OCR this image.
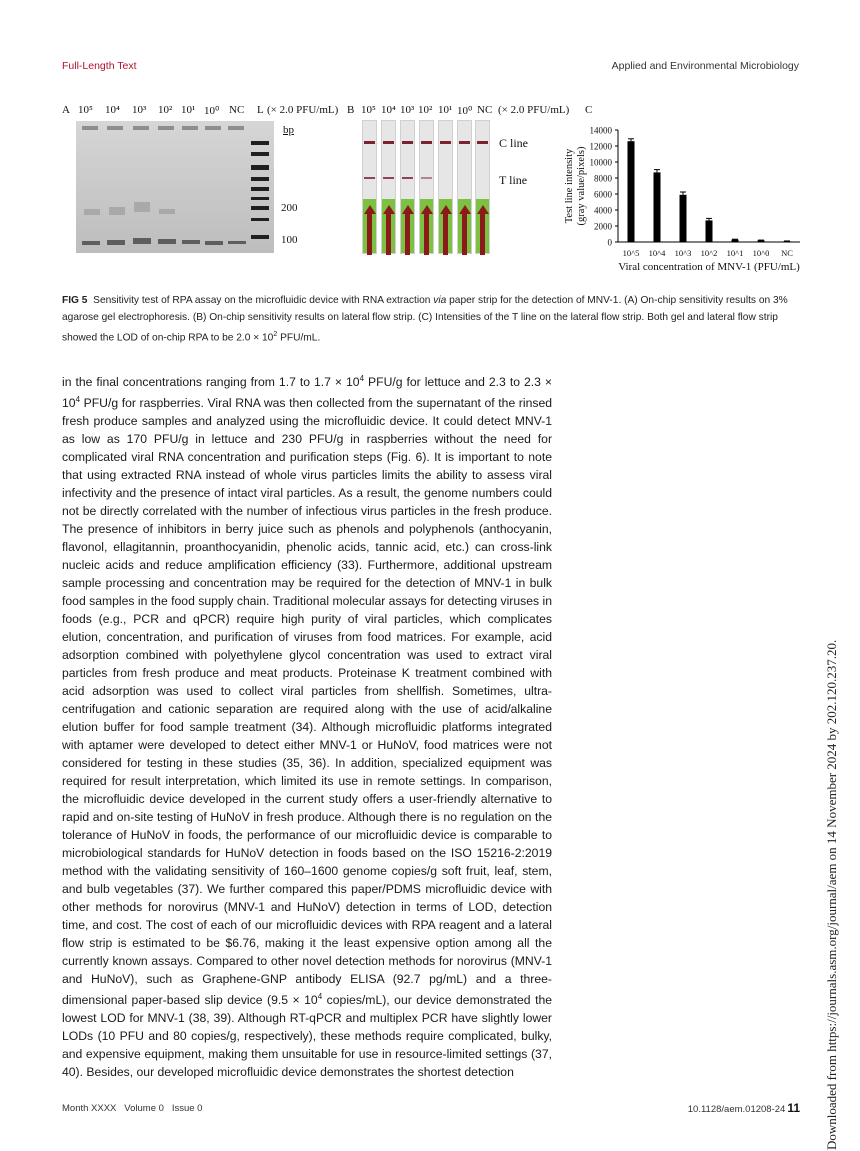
Full-Length Text	Applied and Environmental Microbiology
A 10⁵ 10⁴ 10³ 10² 10¹ 10⁰ NC L (× 2.0 PFU/mL)
bp
200
100
B 10⁵ 10⁴ 10³ 10² 10¹ 10⁰ NC (× 2.0 PFU/mL)
C line
T line
C
0
2000
4000
6000
8000
10000
12000
14000
10^5 10^4 10^3 10^2 10^1 10^0 NC
Viral concentration of MNV-1 (PFU/mL)
Test line intensity (gray value/pixels)
FIG 5 Sensitivity test of RPA assay on the microfluidic device with RNA extraction via paper strip for the detection of MNV-1. (A) On-chip sensitivity results on 3% agarose gel electrophoresis. (B) On-chip sensitivity results on lateral flow strip. (C) Intensities of the T line on the lateral flow strip. Both gel and lateral flow strip showed the LOD of on-chip RPA to be $2.0 \times 10^2$ PFU/mL.
in the final concentrations ranging from 1.7 to $1.7 \times 10^4$ PFU/g for lettuce and 2.3 to $2.3 \times 10^4$ PFU/g for raspberries. Viral RNA was then collected from the supernatant of the rinsed fresh produce samples and analyzed using the microfluidic device. It could detect MNV-1 as low as 170 PFU/g in lettuce and 230 PFU/g in raspberries without the need for complicated viral RNA concentration and purification steps (Fig. 6). It is important to note that using extracted RNA instead of whole virus particles limits the ability to assess viral infectivity and the presence of intact viral particles. As a result, the genome numbers could not be directly correlated with the number of infectious virus particles in the fresh produce. The presence of inhibitors in berry juice such as phenols and polyphenols (anthocyanin, flavonol, ellagitannin, proanthocyanidin, phenolic acids, tannic acid, etc.) can cross-link nucleic acids and reduce amplification efficiency (33). Furthermore, additional upstream sample processing and concentration may be required for the detection of MNV-1 in bulk food samples in the food supply chain. Traditional molecular assays for detecting viruses in foods (e.g., PCR and qPCR) require high purity of viral particles, which complicates elution, concentration, and purification of viruses from food matrices. For example, acid adsorption combined with polyethylene glycol concentration was used to extract viral particles from fresh produce and meat products. Proteinase K treatment combined with acid adsorption was used to collect viral particles from shellfish. Sometimes, ultra-centrifugation and cationic separation are required along with the use of acid/alkaline elution buffer for food sample treatment (34). Although microfluidic platforms integrated with aptamer were developed to detect either MNV-1 or HuNoV, food matrices were not considered for testing in these studies (35, 36). In addition, specialized equipment was required for result interpretation, which limited its use in remote settings. In comparison, the microfluidic device developed in the current study offers a user-friendly alternative to rapid and on-site testing of HuNoV in fresh produce. Although there is no regulation on the tolerance of HuNoV in foods, the performance of our microfluidic device is comparable to microbiological standards for HuNoV detection in foods based on the ISO 15216-2:2019 method with the validating sensitivity of 160–1600 genome copies/g soft fruit, leaf, stem, and bulb vegetables (37). We further compared this paper/PDMS microfluidic device with other methods for norovirus (MNV-1 and HuNoV) detection in terms of LOD, detection time, and cost. The cost of each of our microfluidic devices with RPA reagent and a lateral flow strip is estimated to be $6.76, making it the least expensive option among all the currently known assays. Compared to other novel detection methods for norovirus (MNV-1 and HuNoV), such as Graphene-GNP antibody ELISA (92.7 pg/mL) and a three-dimensional paper-based slip device ($9.5 \times 10^4$ copies/mL), our device demonstrated the lowest LOD for MNV-1 (38, 39). Although RT-qPCR and multiplex PCR have slightly lower LODs (10 PFU and 80 copies/g, respectively), these methods require complicated, bulky, and expensive equipment, making them unsuitable for use in resource-limited settings (37, 40). Besides, our developed microfluidic device demonstrates the shortest detection
Month XXXX   Volume 0   Issue 0	10.1128/aem.01208-24 11 Downloaded from https://journals.asm.org/journal/aem on 14 November 2024 by 202.120.237.20.
